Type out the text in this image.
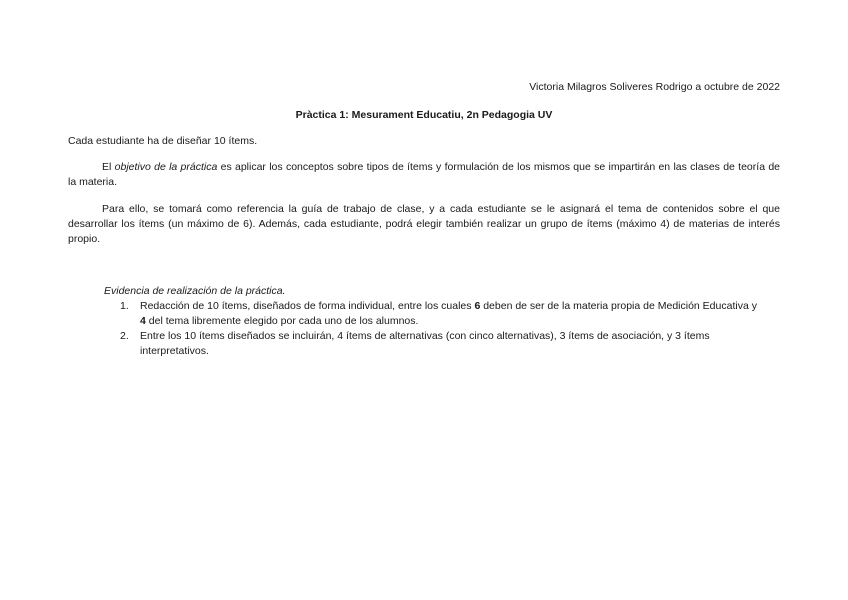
Victoria Milagros Soliveres Rodrigo a octubre de 2022
Pràctica 1: Mesurament Educatiu, 2n Pedagogia UV
Cada estudiante ha de diseñar 10 ítems.
El objetivo de la práctica es aplicar los conceptos sobre tipos de ítems y formulación de los mismos que se impartirán en las clases de teoría de la materia.
Para ello, se tomará como referencia la guía de trabajo de clase, y a cada estudiante se le asignará el tema de contenidos sobre el que desarrollar los ítems (un máximo de 6). Además, cada estudiante, podrá elegir también realizar un grupo de ítems (máximo 4) de materias de interés propio.
Evidencia de realización de la práctica.
1. Redacción de 10 ítems, diseñados de forma individual, entre los cuales 6 deben de ser de la materia propia de Medición Educativa y 4 del tema libremente elegido por cada uno de los alumnos.
2. Entre los 10 ítems diseñados se incluirán, 4 ítems de alternativas (con cinco alternativas), 3 ítems de asociación, y 3 ítems interpretativos.
